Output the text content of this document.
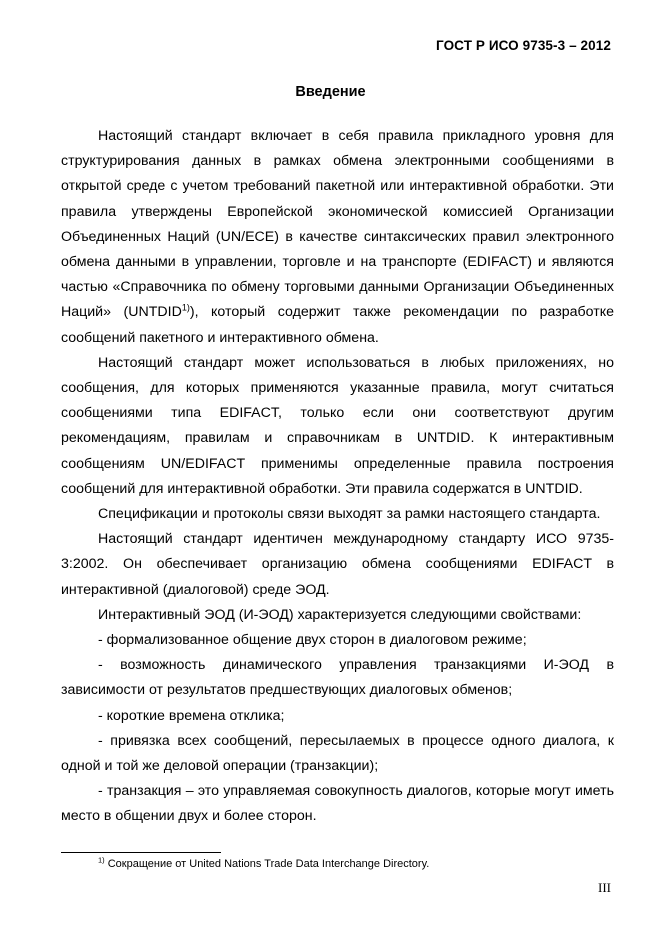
ГОСТ Р ИСО 9735-3 – 2012
Введение

Настоящий стандарт включает в себя правила прикладного уровня для структурирования данных в рамках обмена электронными сообщениями в открытой среде с учетом требований пакетной или интерактивной обработки. Эти правила утверждены Европейской экономической комиссией Организации Объединенных Наций (UN/ECE) в качестве синтаксических правил электронного обмена данными в управлении, торговле и на транспорте (EDIFACT) и являются частью «Справочника по обмену торговыми данными Организации Объединенных Наций» (UNTDID$^{1)}$), который содержит также рекомендации по разработке сообщений пакетного и интерактивного обмена.

Настоящий стандарт может использоваться в любых приложениях, но сообщения, для которых применяются указанные правила, могут считаться сообщениями типа EDIFACT, только если они соответствуют другим рекомендациям, правилам и справочникам в UNTDID. К интерактивным сообщениям UN/EDIFACT применимы определенные правила построения сообщений для интерактивной обработки. Эти правила содержатся в UNTDID.

Спецификации и протоколы связи выходят за рамки настоящего стандарта.

Настоящий стандарт идентичен международному стандарту ИСО 9735-3:2002. Он обеспечивает организацию обмена сообщениями EDIFACT в интерактивной (диалоговой) среде ЭОД.

Интерактивный ЭОД (И-ЭОД) характеризуется следующими свойствами:

- формализованное общение двух сторон в диалоговом режиме;

- возможность динамического управления транзакциями И-ЭОД в зависимости от результатов предшествующих диалоговых обменов;

- короткие времена отклика;

- привязка всех сообщений, пересылаемых в процессе одного диалога, к одной и той же деловой операции (транзакции);

- транзакция – это управляемая совокупность диалогов, которые могут иметь место в общении двух и более сторон.

$^{1)}$ Сокращение от United Nations Trade Data Interchange Directory.
III
